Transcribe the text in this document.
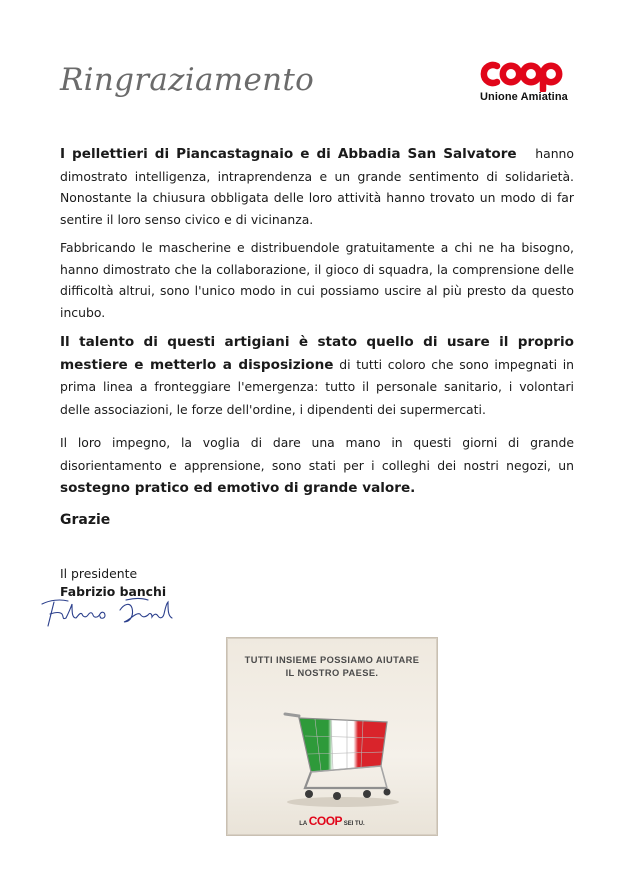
Ringraziamento	Unione Amiatina
I pellettieri di Piancastagnaio e di Abbadia San Salvatore hanno dimostrato intelligenza, intraprendenza e un grande sentimento di solidarietà. Nonostante la chiusura obbligata delle loro attività hanno trovato un modo di far sentire il loro senso civico e di vicinanza.
Fabbricando le mascherine e distribuendole gratuitamente a chi ne ha bisogno, hanno dimostrato che la collaborazione, il gioco di squadra, la comprensione delle difficoltà altrui, sono l'unico modo in cui possiamo uscire al più presto da questo incubo.
Il talento di questi artigiani è stato quello di usare il proprio mestiere e metterlo a disposizione di tutti coloro che sono impegnati in prima linea a fronteggiare l'emergenza: tutto il personale sanitario, i volontari delle associazioni, le forze dell'ordine, i dipendenti dei supermercati.
Il loro impegno, la voglia di dare una mano in questi giorni di grande disorientamento e apprensione, sono stati per i colleghi dei nostri negozi, un sostegno pratico ed emotivo di grande valore.
Grazie
Il presidente
Fabrizio banchi
TUTTI INSIEME POSSIAMO AIUTARE
IL NOSTRO PAESE.
LA COOP SEI TU.
